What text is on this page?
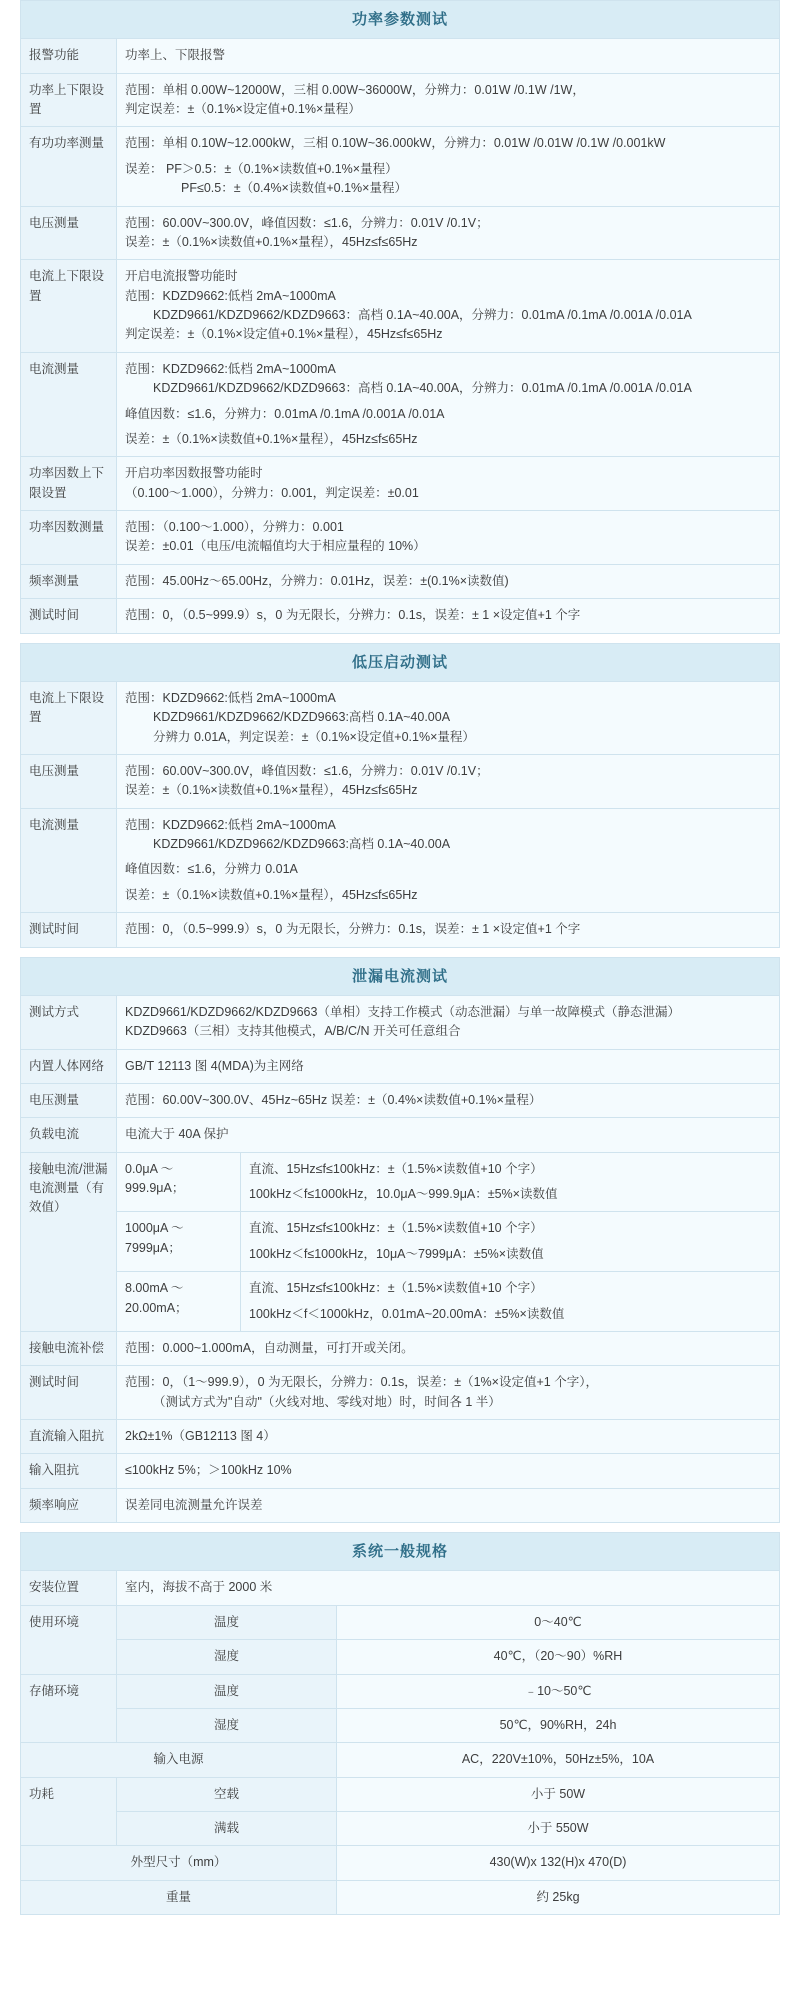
功率参数测试	
报警功能	功率上、下限报警

功率上下限设置	范围：单相 0.00W~12000W，三相 0.00W~36000W，分辨力：0.01W /0.1W /1W，
判定误差：±（0.1%×设定值+0.1%×量程）

有功功率测量	范围：单相 0.10W~12.000kW，三相 0.10W~36.000kW，分辨力：0.01W /0.01W /0.1W /0.001kW
误差： PF＞0.5：±（0.1%×读数值+0.1%×量程）
PF≤0.5：±（0.4%×读数值+0.1%×量程）

电压测量	范围：60.00V~300.0V，峰值因数：≤1.6，分辨力：0.01V /0.1V；
误差：±（0.1%×读数值+0.1%×量程），45Hz≤f≤65Hz

电流上下限设置	开启电流报警功能时
范围：KDZD9662:低档 2mA~1000mA
KDZD9661/KDZD9662/KDZD9663：高档 0.1A~40.00A，分辨力：0.01mA /0.1mA /0.001A /0.01A
判定误差：±（0.1%×设定值+0.1%×量程），45Hz≤f≤65Hz

电流测量	范围：KDZD9662:低档 2mA~1000mA
KDZD9661/KDZD9662/KDZD9663：高档 0.1A~40.00A，分辨力：0.01mA /0.1mA /0.001A /0.01A
峰值因数：≤1.6，分辨力：0.01mA /0.1mA /0.001A /0.01A
误差：±（0.1%×读数值+0.1%×量程），45Hz≤f≤65Hz

功率因数上下限设置	开启功率因数报警功能时
（0.100～1.000），分辨力：0.001，判定误差：±0.01

功率因数测量	范围：（0.100～1.000），分辨力：0.001
误差：±0.01（电压/电流幅值均大于相应量程的 10%）

频率测量	范围：45.00Hz～65.00Hz，分辨力：0.01Hz，误差：±(0.1%×读数值)

测试时间	范围：0，（0.5~999.9）s，0 为无限长，分辨力：0.1s，误差：± 1 ×设定值+1 个字
低压启动测试	
电流上下限设置	范围：KDZD9662:低档 2mA~1000mA
KDZD9661/KDZD9662/KDZD9663:高档 0.1A~40.00A
分辨力 0.01A，判定误差：±（0.1%×设定值+0.1%×量程）

电压测量	范围：60.00V~300.0V，峰值因数：≤1.6，分辨力：0.01V /0.1V；
误差：±（0.1%×读数值+0.1%×量程），45Hz≤f≤65Hz

电流测量	范围：KDZD9662:低档 2mA~1000mA
KDZD9661/KDZD9662/KDZD9663:高档 0.1A~40.00A
峰值因数：≤1.6，分辨力 0.01A
误差：±（0.1%×读数值+0.1%×量程），45Hz≤f≤65Hz

测试时间	范围：0，（0.5~999.9）s，0 为无限长，分辨力：0.1s，误差：± 1 ×设定值+1 个字
泄漏电流测试		
测试方式	KDZD9661/KDZD9662/KDZD9663（单相）支持工作模式（动态泄漏）与单一故障模式（静态泄漏）
KDZD9663（三相）支持其他模式，A/B/C/N 开关可任意组合	

内置人体网络	GB/T 12113 图 4(MDA)为主网络	

电压测量	范围：60.00V~300.0V、45Hz~65Hz 误差：±（0.4%×读数值+0.1%×量程）	

负载电流	电流大于 40A 保护	

接触电流/泄漏电流测量（有效值）	0.0μA ～
999.9μA；	直流、15Hz≤f≤100kHz：±（1.5%×读数值+10 个字）
100kHz＜f≤1000kHz，10.0μA～999.9μA：±5%×读数值

	1000μA ～
7999μA；	直流、15Hz≤f≤100kHz：±（1.5%×读数值+10 个字）
100kHz＜f≤1000kHz，10μA～7999μA：±5%×读数值

	8.00mA ～
20.00mA；	直流、15Hz≤f≤100kHz：±（1.5%×读数值+10 个字）
100kHz＜f＜1000kHz，0.01mA~20.00mA：±5%×读数值

接触电流补偿	范围：0.000~1.000mA，自动测量，可打开或关闭。	

测试时间	范围：0，（1～999.9），0 为无限长，分辨力：0.1s，误差：±（1%×设定值+1 个字），
（测试方式为"自动"（火线对地、零线对地）时，时间各 1 半）	

直流输入阻抗	2kΩ±1%（GB12113 图 4）	

输入阻抗	≤100kHz 5%；＞100kHz 10%	

频率响应	误差同电流测量允许误差	
系统一般规格		
安装位置	室内，海拔不高于 2000 米	
使用环境	温度	0～40℃
	湿度	40℃，（20～90）%RH
存储环境	温度	﹣10～50℃
	湿度	50℃，90%RH，24h
输入电源		AC，220V±10%，50Hz±5%，10A
功耗	空载	小于 50W
	满载	小于 550W
外型尺寸（mm）		430(W)x 132(H)x 470(D)
重量		约 25kg
